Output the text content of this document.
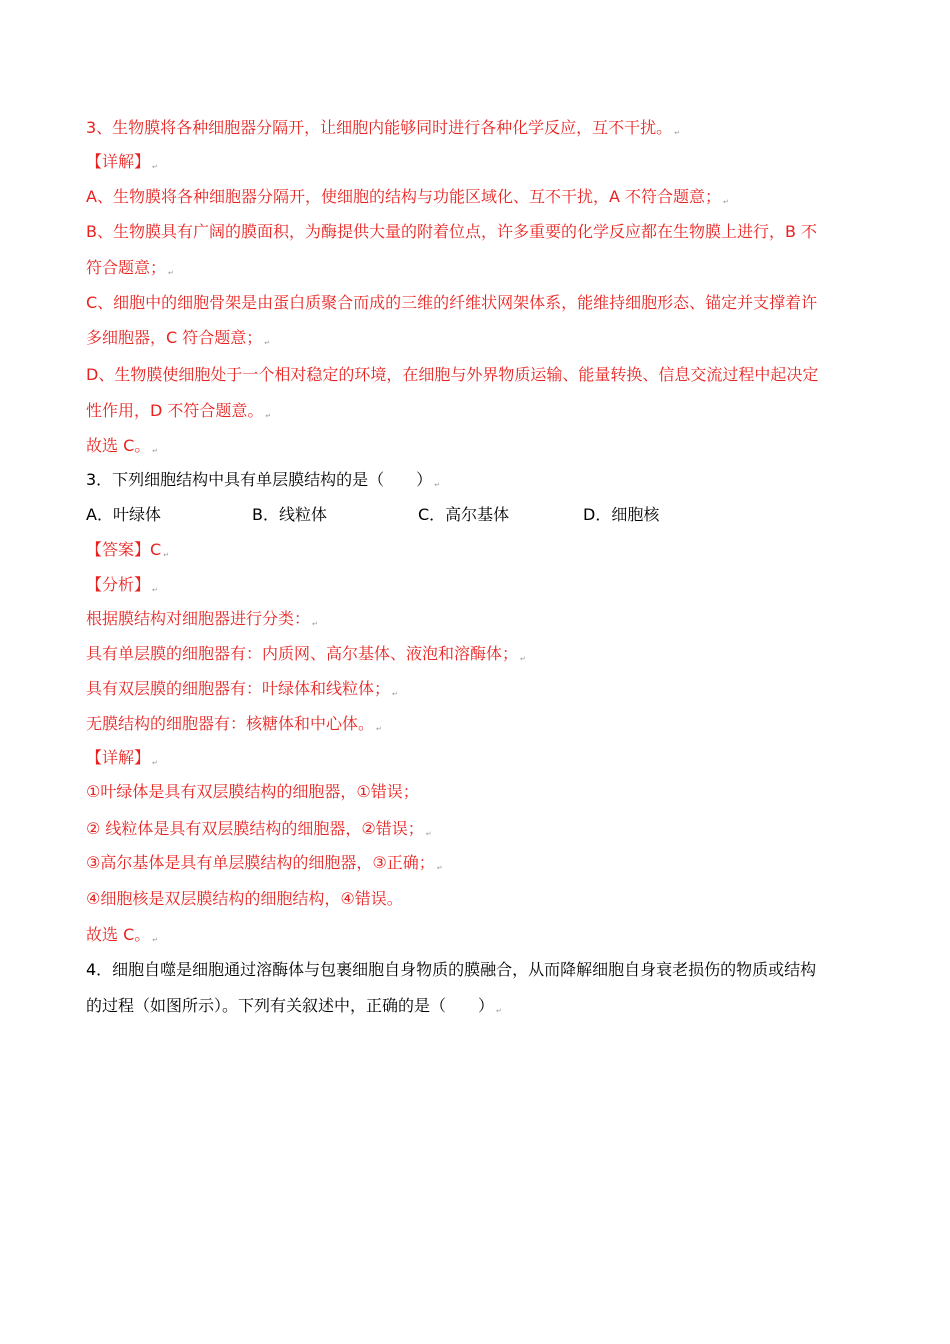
3、生物膜将各种细胞器分隔开，让细胞内能够同时进行各种化学反应，互不干扰。 ↵
【详解】 ↵
A、生物膜将各种细胞器分隔开，使细胞的结构与功能区域化、互不干扰，A 不符合题意； ↵
B、生物膜具有广阔的膜面积，为酶提供大量的附着位点，许多重要的化学反应都在生物膜上进行，B 不
符合题意； ↵
C、细胞中的细胞骨架是由蛋白质聚合而成的三维的纤维状网架体系，能维持细胞形态、锚定并支撑着许
多细胞器，C 符合题意； ↵
D、生物膜使细胞处于一个相对稳定的环境，在细胞与外界物质运输、能量转换、信息交流过程中起决定
性作用，D 不符合题意。 ↵
故选 C。 ↵
3．下列细胞结构中具有单层膜结构的是（　　） ↵
A．叶绿体	B．线粒体	C．高尔基体	D．细胞核
【答案】C ↵
【分析】 ↵
根据膜结构对细胞器进行分类： ↵
具有单层膜的细胞器有：内质网、高尔基体、液泡和溶酶体； ↵
具有双层膜的细胞器有：叶绿体和线粒体； ↵
无膜结构的细胞器有：核糖体和中心体。 ↵
【详解】 ↵
①叶绿体是具有双层膜结构的细胞器，①错误；
② 线粒体是具有双层膜结构的细胞器，②错误； ↵
③高尔基体是具有单层膜结构的细胞器，③正确； ↵
④细胞核是双层膜结构的细胞结构，④错误。
故选 C。 ↵
4．细胞自噬是细胞通过溶酶体与包裹细胞自身物质的膜融合，从而降解细胞自身衰老损伤的物质或结构
的过程（如图所示）。下列有关叙述中，正确的是（　　） ↵
